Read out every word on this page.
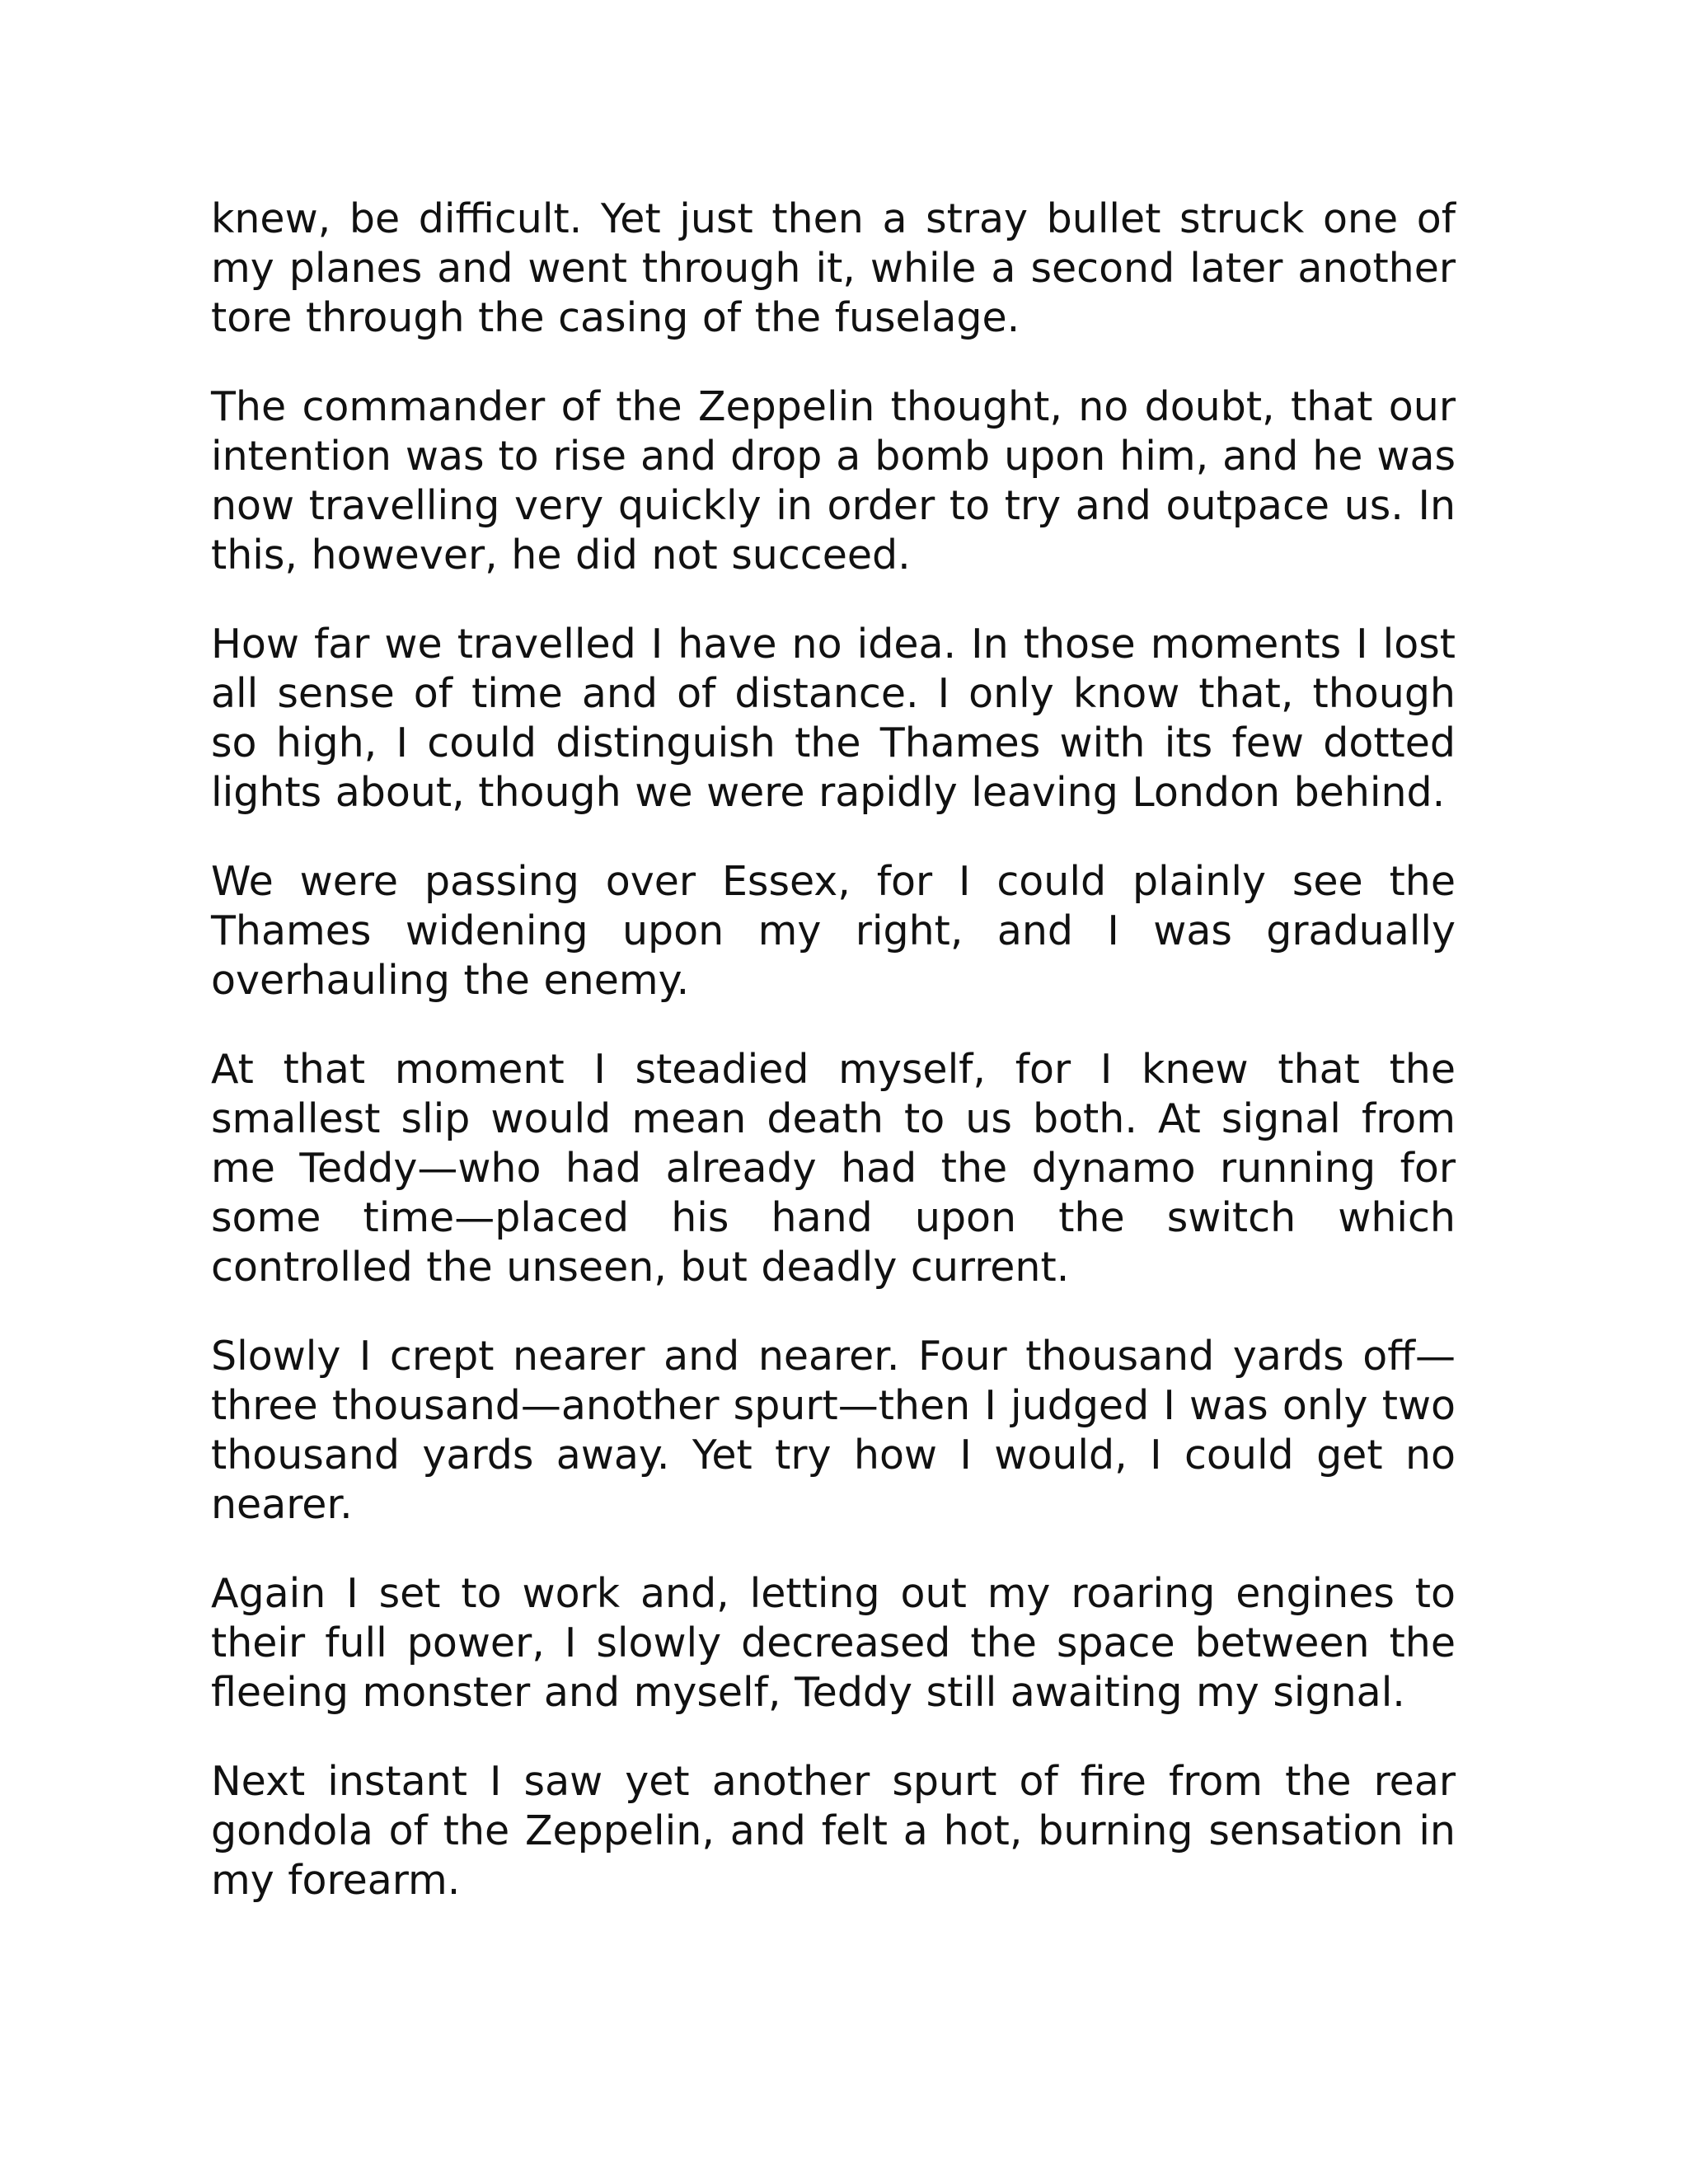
knew, be difficult. Yet just then a stray bullet struck one of my planes and went through it, while a second later another tore through the casing of the fuselage.

The commander of the Zeppelin thought, no doubt, that our intention was to rise and drop a bomb upon him, and he was now travelling very quickly in order to try and outpace us. In this, however, he did not succeed.

How far we travelled I have no idea. In those moments I lost all sense of time and of distance. I only know that, though so high, I could distinguish the Thames with its few dotted lights about, though we were rapidly leaving London behind.

We were passing over Essex, for I could plainly see the Thames widening upon my right, and I was gradually overhauling the enemy.

At that moment I steadied myself, for I knew that the smallest slip would mean death to us both. At signal from me Teddy—who had already had the dynamo running for some time—placed his hand upon the switch which controlled the unseen, but deadly current.

Slowly I crept nearer and nearer. Four thousand yards off—three thousand—another spurt—then I judged I was only two thousand yards away. Yet try how I would, I could get no nearer.

Again I set to work and, letting out my roaring engines to their full power, I slowly decreased the space between the fleeing monster and myself, Teddy still awaiting my signal.

Next instant I saw yet another spurt of fire from the rear gondola of the Zeppelin, and felt a hot, burning sensation in my forearm.
